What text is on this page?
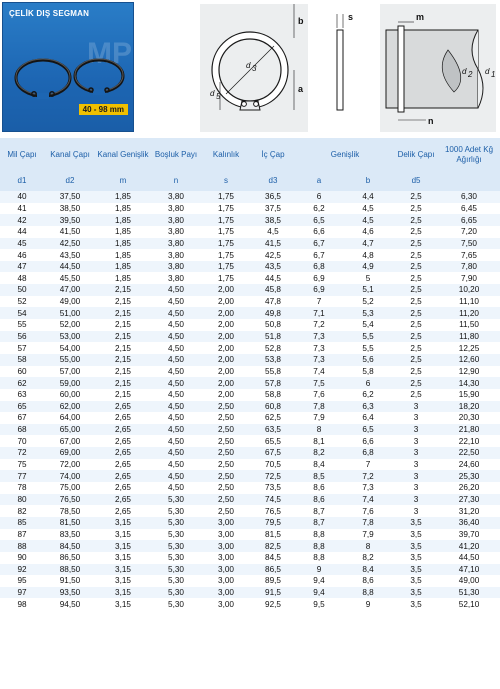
ÇELİK DIŞ SEGMAN
MP
40 - 98 mm
d 3
b
a
d 5
s	m
d 2 d 1
n
Mil Çapı	Kanal Çapı	Kanal Genişlik	Boşluk Payı	Kalınlık	İç Çap	Genişlik		Delik Çapı	1000 Adet Kğ Ağırlığı
d1	d2	m	n	s	d3	a	b	d5	
40	37,50	1,85	3,80	1,75	36,5	6	4,4	2,5	6,30
41	38,50	1,85	3,80	1,75	37,5	6,2	4,5	2,5	6,45
42	39,50	1,85	3,80	1,75	38,5	6,5	4,5	2,5	6,65
44	41,50	1,85	3,80	1,75	4,5	6,6	4,6	2,5	7,20
45	42,50	1,85	3,80	1,75	41,5	6,7	4,7	2,5	7,50
46	43,50	1,85	3,80	1,75	42,5	6,7	4,8	2,5	7,65
47	44,50	1,85	3,80	1,75	43,5	6,8	4,9	2,5	7,80
48	45,50	1,85	3,80	1,75	44,5	6,9	5	2,5	7,90
50	47,00	2,15	4,50	2,00	45,8	6,9	5,1	2,5	10,20
52	49,00	2,15	4,50	2,00	47,8	7	5,2	2,5	11,10
54	51,00	2,15	4,50	2,00	49,8	7,1	5,3	2,5	11,20
55	52,00	2,15	4,50	2,00	50,8	7,2	5,4	2,5	11,50
56	53,00	2,15	4,50	2,00	51,8	7,3	5,5	2,5	11,80
57	54,00	2,15	4,50	2,00	52,8	7,3	5,5	2,5	12,25
58	55,00	2,15	4,50	2,00	53,8	7,3	5,6	2,5	12,60
60	57,00	2,15	4,50	2,00	55,8	7,4	5,8	2,5	12,90
62	59,00	2,15	4,50	2,00	57,8	7,5	6	2,5	14,30
63	60,00	2,15	4,50	2,00	58,8	7,6	6,2	2,5	15,90
65	62,00	2,65	4,50	2,50	60,8	7,8	6,3	3	18,20
67	64,00	2,65	4,50	2,50	62,5	7,9	6,4	3	20,30
68	65,00	2,65	4,50	2,50	63,5	8	6,5	3	21,80
70	67,00	2,65	4,50	2,50	65,5	8,1	6,6	3	22,10
72	69,00	2,65	4,50	2,50	67,5	8,2	6,8	3	22,50
75	72,00	2,65	4,50	2,50	70,5	8,4	7	3	24,60
77	74,00	2,65	4,50	2,50	72,5	8,5	7,2	3	25,30
78	75,00	2,65	4,50	2,50	73,5	8,6	7,3	3	26,20
80	76,50	2,65	5,30	2,50	74,5	8,6	7,4	3	27,30
82	78,50	2,65	5,30	2,50	76,5	8,7	7,6	3	31,20
85	81,50	3,15	5,30	3,00	79,5	8,7	7,8	3,5	36,40
87	83,50	3,15	5,30	3,00	81,5	8,8	7,9	3,5	39,70
88	84,50	3,15	5,30	3,00	82,5	8,8	8	3,5	41,20
90	86,50	3,15	5,30	3,00	84,5	8,8	8,2	3,5	44,50
92	88,50	3,15	5,30	3,00	86,5	9	8,4	3,5	47,10
95	91,50	3,15	5,30	3,00	89,5	9,4	8,6	3,5	49,00
97	93,50	3,15	5,30	3,00	91,5	9,4	8,8	3,5	51,30
98	94,50	3,15	5,30	3,00	92,5	9,5	9	3,5	52,10
